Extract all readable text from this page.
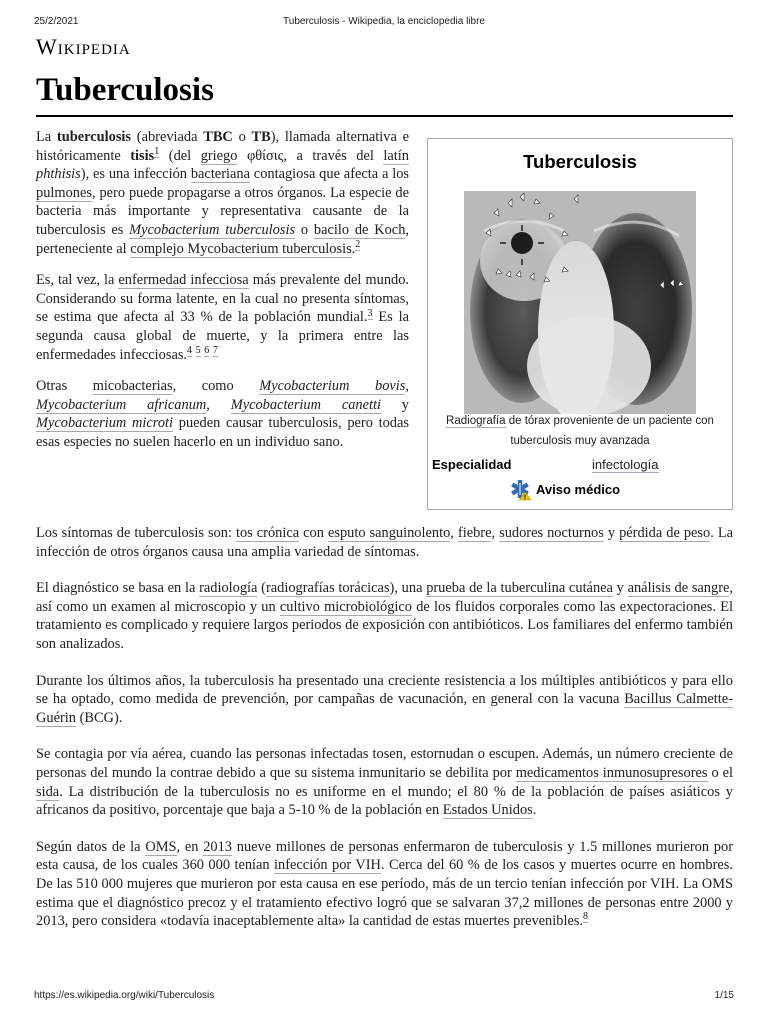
25/2/2021	Tuberculosis - Wikipedia, la enciclopedia libre
Wikipedia
Tuberculosis
Tuberculosis
Radiografía de tórax proveniente de un paciente con tuberculosis muy avanzada
Especialidad	infectología
Aviso médico

La tuberculosis (abreviada TBC o TB), llamada alternativa e históricamente tisis$^1$ (del griego φθίσις, a través del latín phthisis), es una infección bacteriana contagiosa que afecta a los pulmones, pero puede propagarse a otros órganos. La especie de bacteria más importante y representativa causante de la tuberculosis es Mycobacterium tuberculosis o bacilo de Koch, perteneciente al complejo Mycobacterium tuberculosis.$^2$

Es, tal vez, la enfermedad infecciosa más prevalente del mundo. Considerando su forma latente, en la cual no presenta síntomas, se estima que afecta al 33 % de la población mundial.$^3$ Es la segunda causa global de muerte, y la primera entre las enfermedades infecciosas.$^4$ $^5$ $^6$ $^7$

Otras micobacterias, como Mycobacterium bovis, Mycobacterium africanum, Mycobacterium canetti y Mycobacterium microti pueden causar tuberculosis, pero todas esas especies no suelen hacerlo en un individuo sano.

Los síntomas de tuberculosis son: tos crónica con esputo sanguinolento, fiebre, sudores nocturnos y pérdida de peso. La infección de otros órganos causa una amplia variedad de síntomas.

El diagnóstico se basa en la radiología (radiografías torácicas), una prueba de la tuberculina cutánea y análisis de sangre, así como un examen al microscopio y un cultivo microbiológico de los fluidos corporales como las expectoraciones. El tratamiento es complicado y requiere largos periodos de exposición con antibióticos. Los familiares del enfermo también son analizados.

Durante los últimos años, la tuberculosis ha presentado una creciente resistencia a los múltiples antibióticos y para ello se ha optado, como medida de prevención, por campañas de vacunación, en general con la vacuna Bacillus Calmette-Guérin (BCG).

Se contagia por vía aérea, cuando las personas infectadas tosen, estornudan o escupen. Además, un número creciente de personas del mundo la contrae debido a que su sistema inmunitario se debilita por medicamentos inmunosupresores o el sida. La distribución de la tuberculosis no es uniforme en el mundo; el 80 % de la población de países asiáticos y africanos da positivo, porcentaje que baja a 5-10 % de la población en Estados Unidos.

Según datos de la OMS, en 2013 nueve millones de personas enfermaron de tuberculosis y 1.5 millones murieron por esta causa, de los cuales 360 000 tenían infección por VIH. Cerca del 60 % de los casos y muertes ocurre en hombres. De las 510 000 mujeres que murieron por esta causa en ese período, más de un tercio tenían infección por VIH. La OMS estima que el diagnóstico precoz y el tratamiento efectivo logró que se salvaran 37,2 millones de personas entre 2000 y 2013, pero considera «todavía inaceptablemente alta» la cantidad de estas muertes prevenibles.$^8$

https://es.wikipedia.org/wiki/Tuberculosis	1/15
